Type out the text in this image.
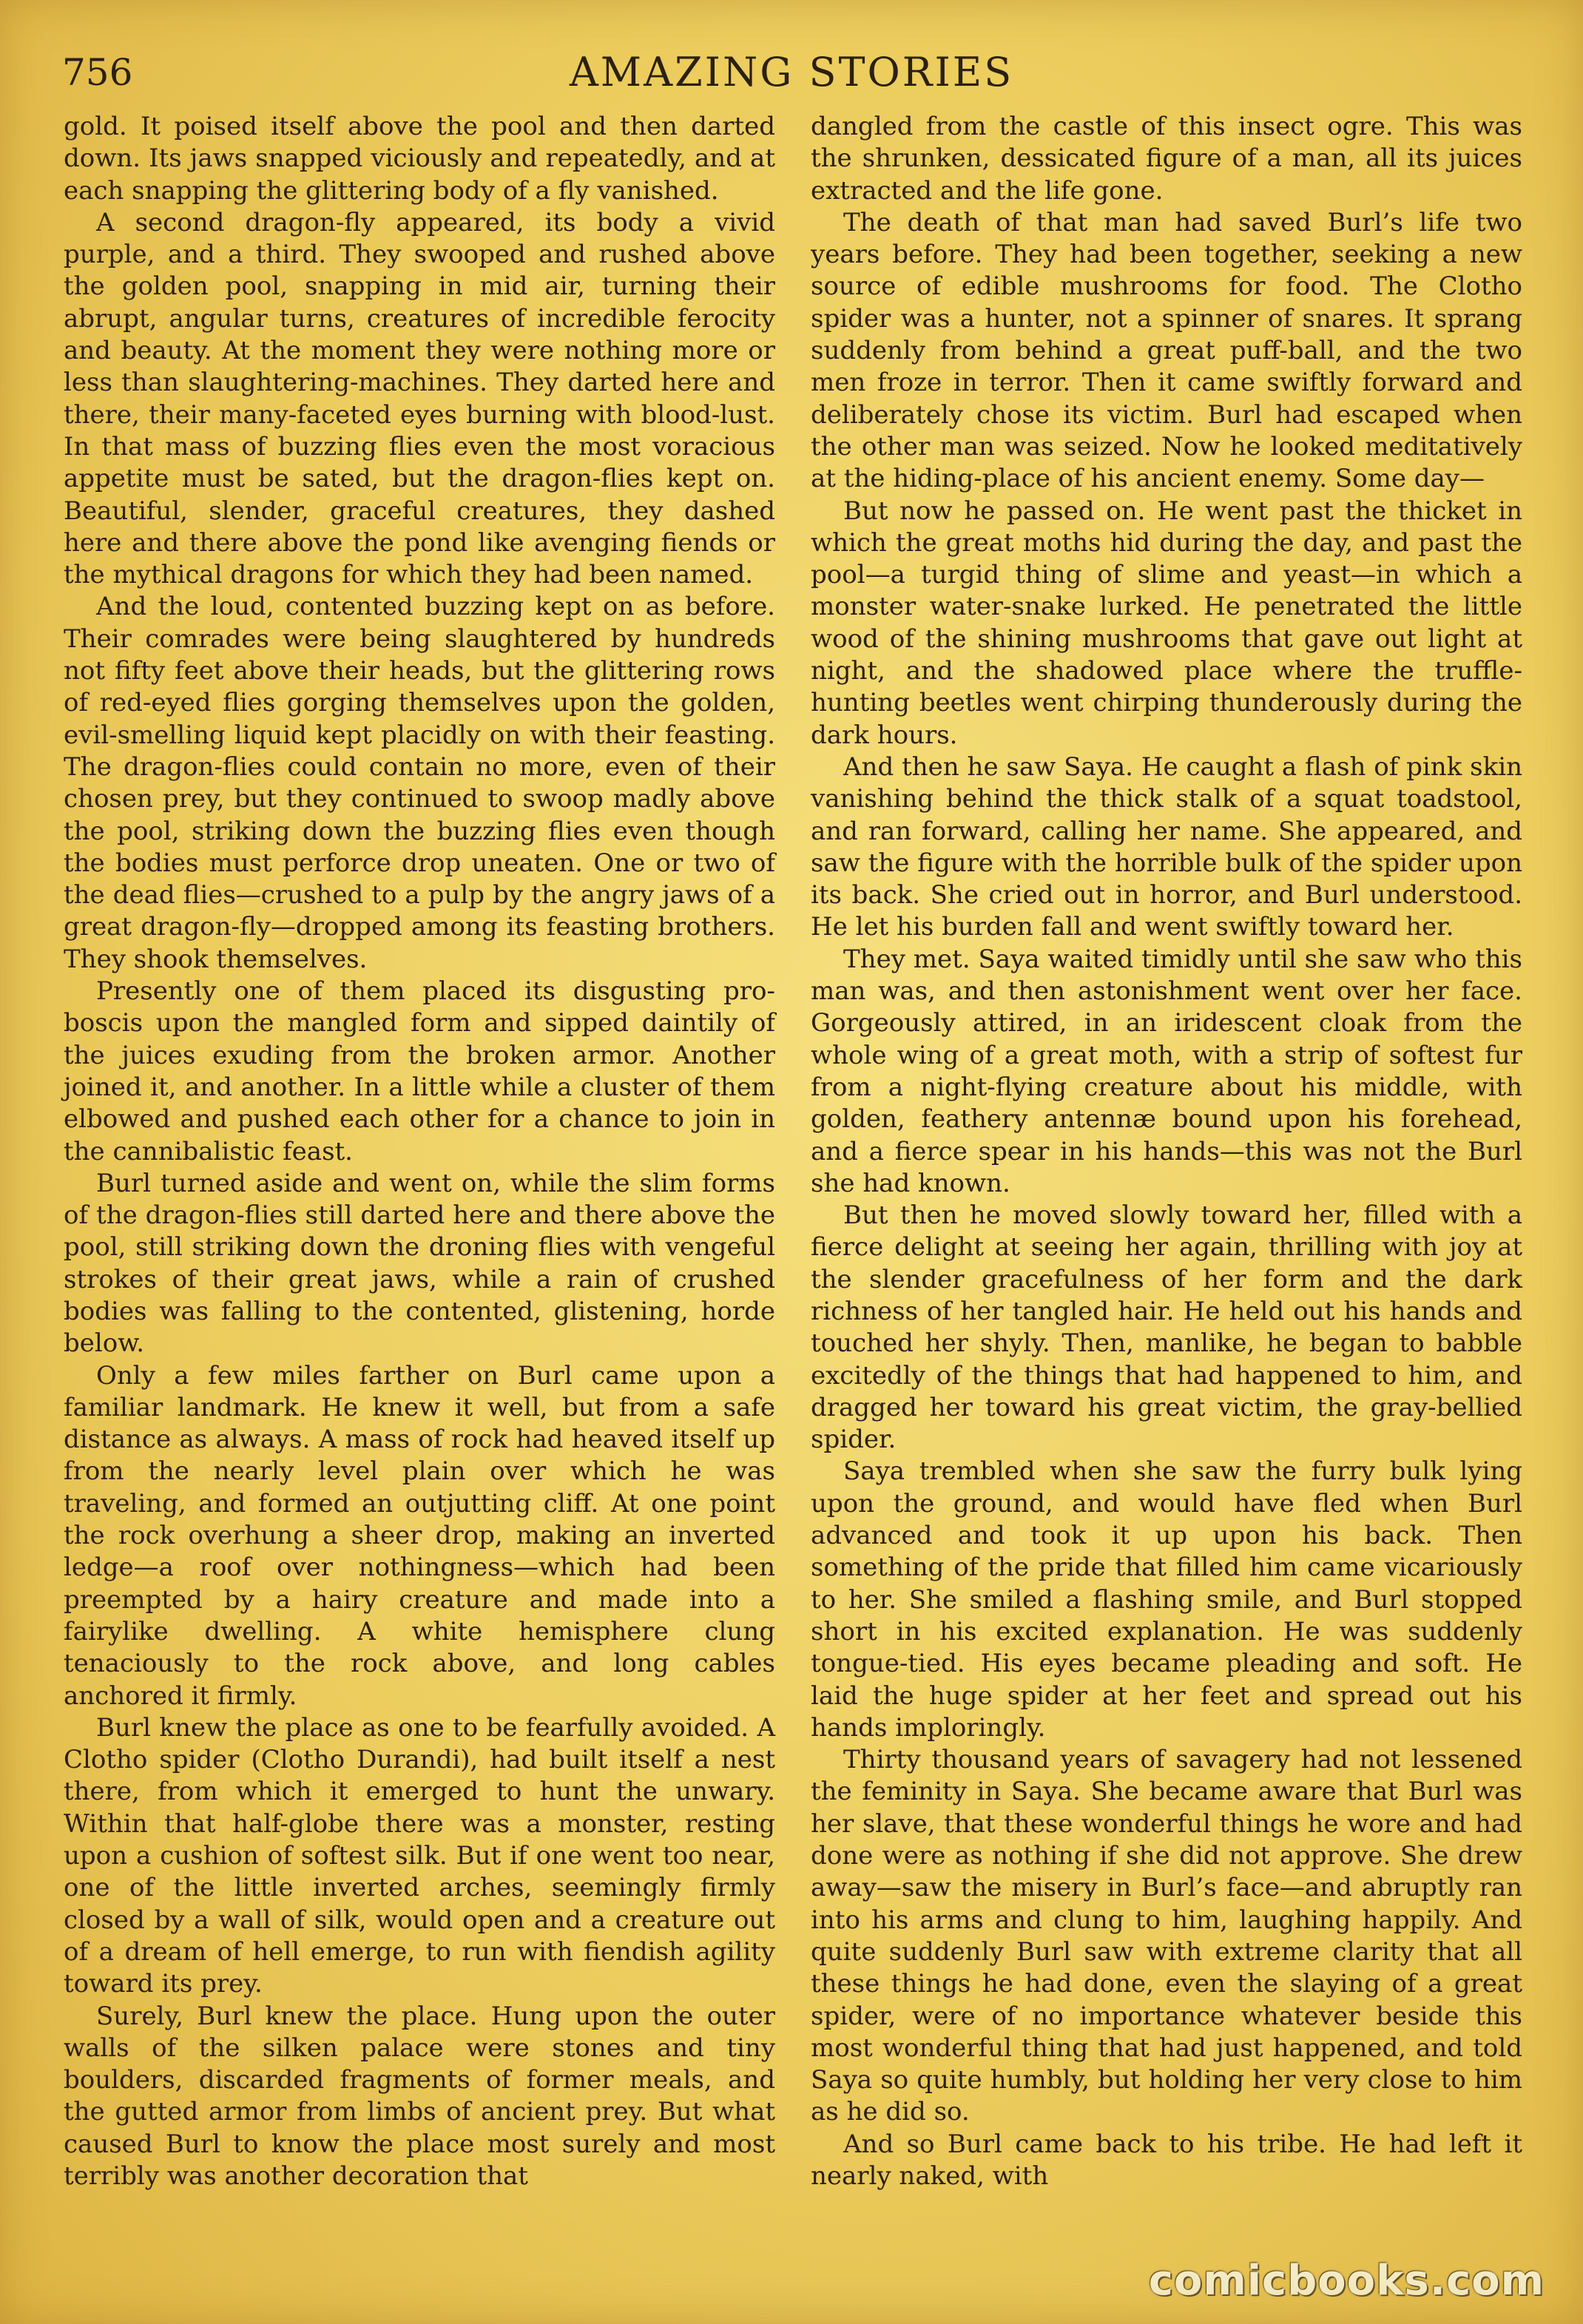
756	AMAZING STORIES

gold. It poised itself above the pool and then darted down. Its jaws snapped viciously and repeatedly, and at each snapping the glittering body of a fly vanished.

A second dragon-fly appeared, its body a vivid purple, and a third. They swooped and rushed above the golden pool, snapping in mid air, turning their abrupt, angular turns, creatures of incredible ferocity and beauty. At the moment they were nothing more or less than slaughtering-machines. They darted here and there, their many-faceted eyes burning with blood-lust. In that mass of buzzing flies even the most voracious appetite must be sated, but the dragon-flies kept on. Beautiful, slender, graceful creatures, they dashed here and there above the pond like avenging fiends or the mythical dragons for which they had been named.

And the loud, contented buzzing kept on as before. Their comrades were being slaughtered by hundreds not fifty feet above their heads, but the glittering rows of red-eyed flies gorging themselves upon the golden, evil-smelling liquid kept placidly on with their feasting. The dragon-flies could contain no more, even of their chosen prey, but they continued to swoop madly above the pool, striking down the buzzing flies even though the bodies must perforce drop uneaten. One or two of the dead flies—crushed to a pulp by the angry jaws of a great dragon-fly—dropped among its feasting brothers. They shook themselves.

Presently one of them placed its disgusting proboscis upon the mangled form and sipped daintily of the juices exuding from the broken armor. Another joined it, and another. In a little while a cluster of them elbowed and pushed each other for a chance to join in the cannibalistic feast.

Burl turned aside and went on, while the slim forms of the dragon-flies still darted here and there above the pool, still striking down the droning flies with vengeful strokes of their great jaws, while a rain of crushed bodies was falling to the contented, glistening, horde below.

Only a few miles farther on Burl came upon a familiar landmark. He knew it well, but from a safe distance as always. A mass of rock had heaved itself up from the nearly level plain over which he was traveling, and formed an outjutting cliff. At one point the rock overhung a sheer drop, making an inverted ledge—a roof over nothingness—which had been preempted by a hairy creature and made into a fairylike dwelling. A white hemisphere clung tenaciously to the rock above, and long cables anchored it firmly.

Burl knew the place as one to be fearfully avoided. A Clotho spider (Clotho Durandi), had built itself a nest there, from which it emerged to hunt the unwary. Within that half-globe there was a monster, resting upon a cushion of softest silk. But if one went too near, one of the little inverted arches, seemingly firmly closed by a wall of silk, would open and a creature out of a dream of hell emerge, to run with fiendish agility toward its prey.

Surely, Burl knew the place. Hung upon the outer walls of the silken palace were stones and tiny boulders, discarded fragments of former meals, and the gutted armor from limbs of ancient prey. But what caused Burl to know the place most surely and most terribly was another decoration that

dangled from the castle of this insect ogre. This was the shrunken, dessicated figure of a man, all its juices extracted and the life gone.

The death of that man had saved Burl’s life two years before. They had been together, seeking a new source of edible mushrooms for food. The Clotho spider was a hunter, not a spinner of snares. It sprang suddenly from behind a great puff-ball, and the two men froze in terror. Then it came swiftly forward and deliberately chose its victim. Burl had escaped when the other man was seized. Now he looked meditatively at the hiding-place of his ancient enemy. Some day—

But now he passed on. He went past the thicket in which the great moths hid during the day, and past the pool—a turgid thing of slime and yeast—in which a monster water-snake lurked. He penetrated the little wood of the shining mushrooms that gave out light at night, and the shadowed place where the truffle-hunting beetles went chirping thunderously during the dark hours.

And then he saw Saya. He caught a flash of pink skin vanishing behind the thick stalk of a squat toadstool, and ran forward, calling her name. She appeared, and saw the figure with the horrible bulk of the spider upon its back. She cried out in horror, and Burl understood. He let his burden fall and went swiftly toward her.

They met. Saya waited timidly until she saw who this man was, and then astonishment went over her face. Gorgeously attired, in an iridescent cloak from the whole wing of a great moth, with a strip of softest fur from a night-flying creature about his middle, with golden, feathery antennæ bound upon his forehead, and a fierce spear in his hands—this was not the Burl she had known.

But then he moved slowly toward her, filled with a fierce delight at seeing her again, thrilling with joy at the slender gracefulness of her form and the dark richness of her tangled hair. He held out his hands and touched her shyly. Then, manlike, he began to babble excitedly of the things that had happened to him, and dragged her toward his great victim, the gray-bellied spider.

Saya trembled when she saw the furry bulk lying upon the ground, and would have fled when Burl advanced and took it up upon his back. Then something of the pride that filled him came vicariously to her. She smiled a flashing smile, and Burl stopped short in his excited explanation. He was suddenly tongue-tied. His eyes became pleading and soft. He laid the huge spider at her feet and spread out his hands imploringly.

Thirty thousand years of savagery had not lessened the feminity in Saya. She became aware that Burl was her slave, that these wonderful things he wore and had done were as nothing if she did not approve. She drew away—saw the misery in Burl’s face—and abruptly ran into his arms and clung to him, laughing happily. And quite suddenly Burl saw with extreme clarity that all these things he had done, even the slaying of a great spider, were of no importance whatever beside this most wonderful thing that had just happened, and told Saya so quite humbly, but holding her very close to him as he did so.

And so Burl came back to his tribe. He had left it nearly naked, with

comicbooks.com
